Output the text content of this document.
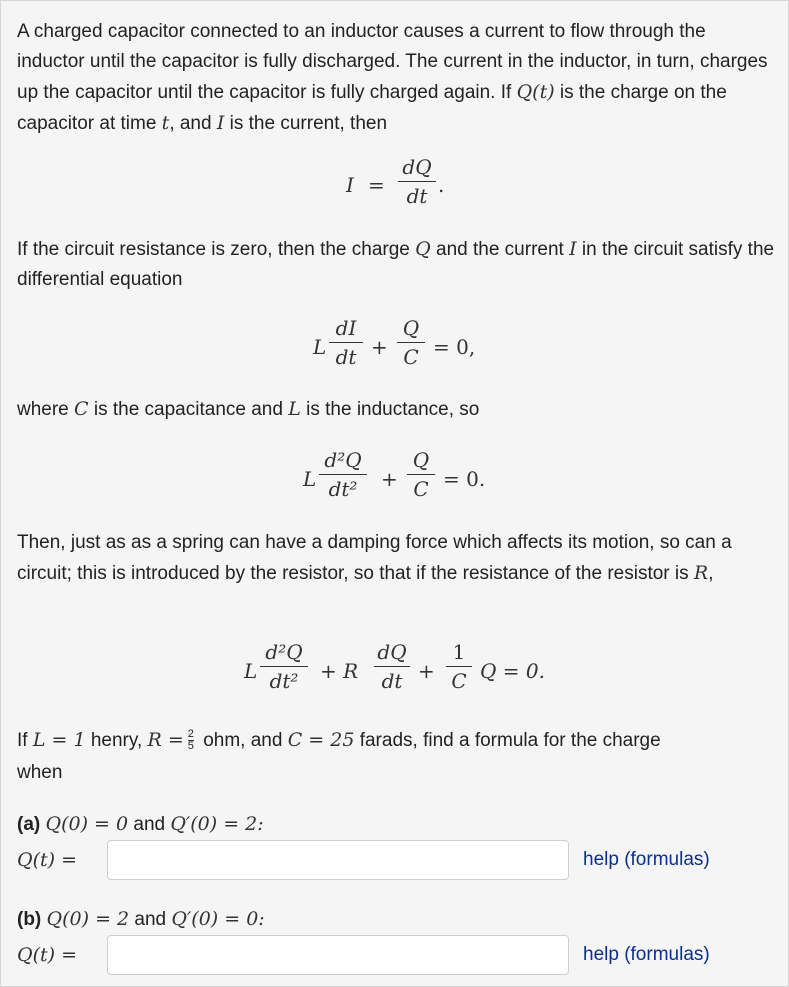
A charged capacitor connected to an inductor causes a current to flow through the inductor until the capacitor is fully discharged. The current in the inductor, in turn, charges up the capacitor until the capacitor is fully charged again. If Q(t) is the charge on the capacitor at time t, and I is the current, then
I =
dQ
dt .
If the circuit resistance is zero, then the charge Q and the current I in the circuit satisfy the differential equation
L
dI
dt +
Q
C = 0,
where C is the capacitance and L is the inductance, so
L
d²Q
dt²	+
Q
C = 0.
Then, just as as a spring can have a damping force which affects its motion, so can a circuit; this is introduced by the resistor, so that if the resistance of the resistor is R,
L
d²Q
dt²	+ R
dQ
dt +
1
C Q = 0.
If L = 1 henry, $R = \frac{2}{5}$ ohm, and C = 25 farads, find a formula for the charge
when
(a) Q(0) = 0 and Q′(0) = 2:
Q(t) =	help (formulas)
(b) Q(0) = 2 and Q′(0) = 0:
Q(t) =	help (formulas)
